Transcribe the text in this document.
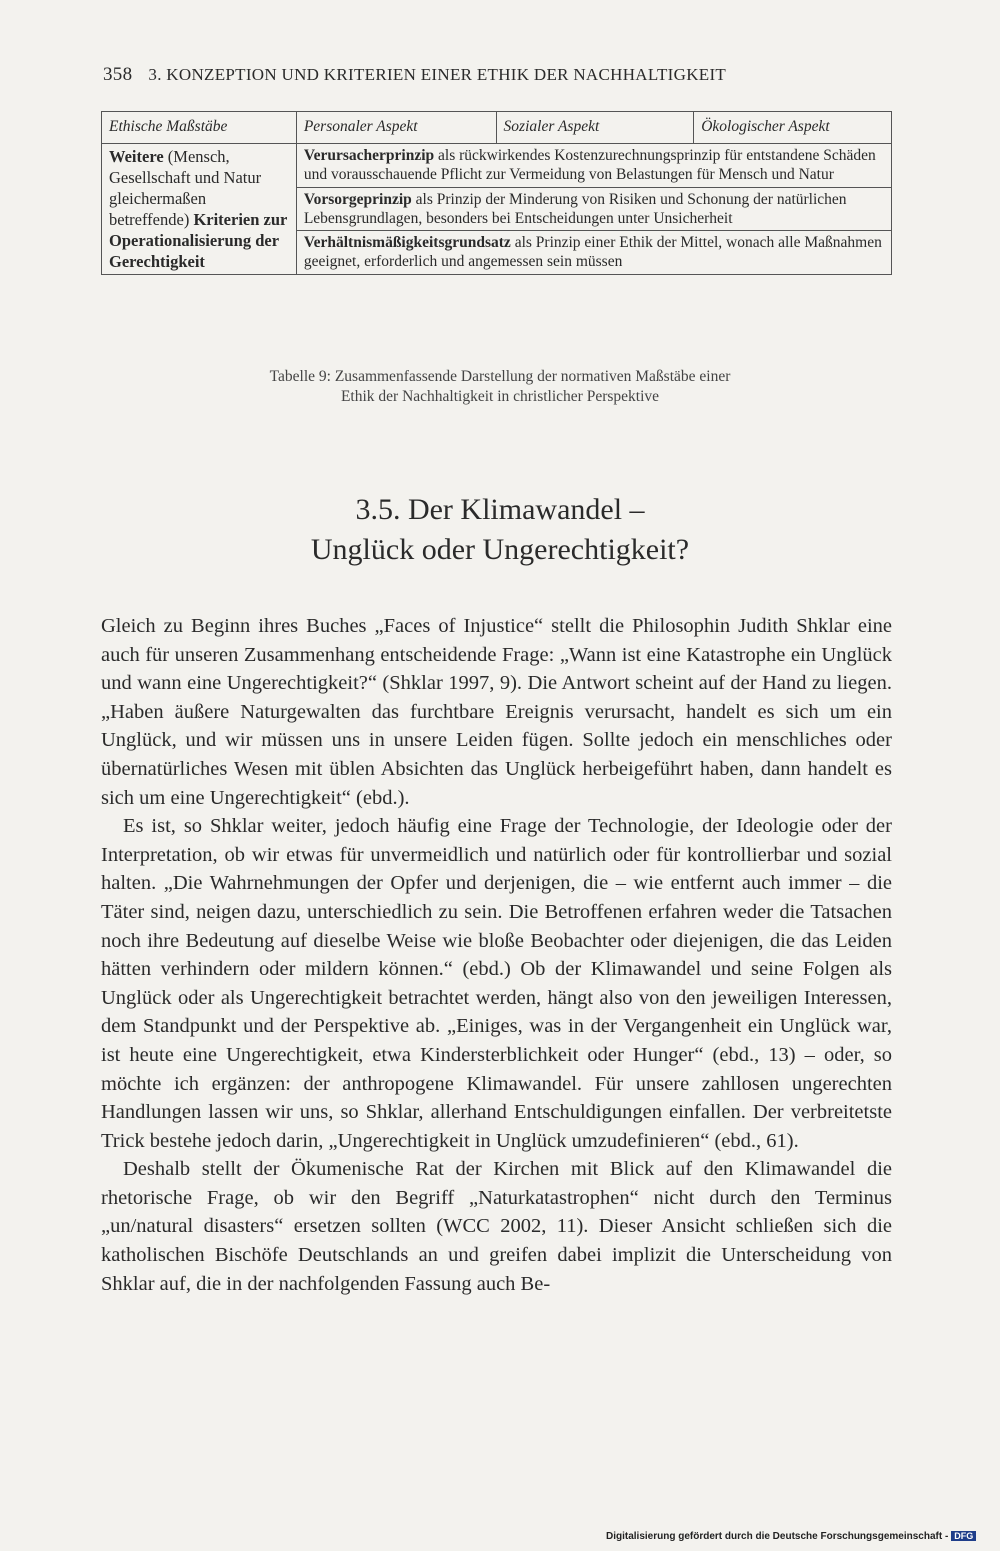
358 3. KONZEPTION UND KRITERIEN EINER ETHIK DER NACHHALTIGKEIT
Ethische Maßstäbe	Personaler Aspekt	Sozialer Aspekt	Ökologischer Aspekt
Weitere (Mensch, Gesellschaft und Natur gleichermaßen betreffende) Kriterien zur Operationalisierung der Gerechtigkeit	Verursacherprinzip als rückwirkendes Kostenzurechnungsprinzip für entstandene Schäden und vorausschauende Pflicht zur Vermeidung von Belastungen für Mensch und Natur		
	Vorsorgeprinzip als Prinzip der Minderung von Risiken und Schonung der natürlichen Lebensgrundlagen, besonders bei Entscheidungen unter Unsicherheit		
	Verhältnismäßigkeitsgrundsatz als Prinzip einer Ethik der Mittel, wonach alle Maßnahmen geeignet, erforderlich und angemessen sein müssen		
Tabelle 9: Zusammenfassende Darstellung der normativen Maßstäbe einer
Ethik der Nachhaltigkeit in christlicher Perspektive
3.5. Der Klimawandel –
Unglück oder Ungerechtigkeit?

Gleich zu Beginn ihres Buches „Faces of Injustice“ stellt die Philosophin Judith Shklar eine auch für unseren Zusammenhang entscheidende Frage: „Wann ist eine Katastrophe ein Unglück und wann eine Ungerechtigkeit?“ (Shklar 1997, 9). Die Antwort scheint auf der Hand zu liegen. „Haben äußere Naturgewalten das furchtbare Ereignis verursacht, handelt es sich um ein Unglück, und wir müssen uns in unsere Leiden fügen. Sollte jedoch ein menschliches oder übernatürliches Wesen mit üblen Absichten das Unglück herbeigeführt haben, dann handelt es sich um eine Ungerechtigkeit“ (ebd.).

Es ist, so Shklar weiter, jedoch häufig eine Frage der Technologie, der Ideologie oder der Interpretation, ob wir etwas für unvermeidlich und natürlich oder für kontrollierbar und sozial halten. „Die Wahrnehmungen der Opfer und derjenigen, die – wie entfernt auch immer – die Täter sind, neigen dazu, unterschiedlich zu sein. Die Betroffenen erfahren weder die Tatsachen noch ihre Bedeutung auf dieselbe Weise wie bloße Beobachter oder diejenigen, die das Leiden hätten verhindern oder mildern können.“ (ebd.) Ob der Klimawandel und seine Folgen als Unglück oder als Ungerechtigkeit betrachtet werden, hängt also von den jeweiligen Interessen, dem Standpunkt und der Perspektive ab. „Einiges, was in der Vergangenheit ein Unglück war, ist heute eine Ungerechtigkeit, etwa Kindersterblichkeit oder Hunger“ (ebd., 13) – oder, so möchte ich ergänzen: der anthropogene Klimawandel. Für unsere zahllosen ungerechten Handlungen lassen wir uns, so Shklar, allerhand Entschuldigungen einfallen. Der verbreitetste Trick bestehe jedoch darin, „Ungerechtigkeit in Unglück umzudefinieren“ (ebd., 61).

Deshalb stellt der Ökumenische Rat der Kirchen mit Blick auf den Klimawandel die rhetorische Frage, ob wir den Begriff „Naturkatastrophen“ nicht durch den Terminus „un/natural disasters“ ersetzen sollten (WCC 2002, 11). Dieser Ansicht schließen sich die katholischen Bischöfe Deutschlands an und greifen dabei implizit die Unterscheidung von Shklar auf, die in der nachfolgenden Fassung auch Be-

Digitalisierung gefördert durch die Deutsche Forschungsgemeinschaft - DFG
